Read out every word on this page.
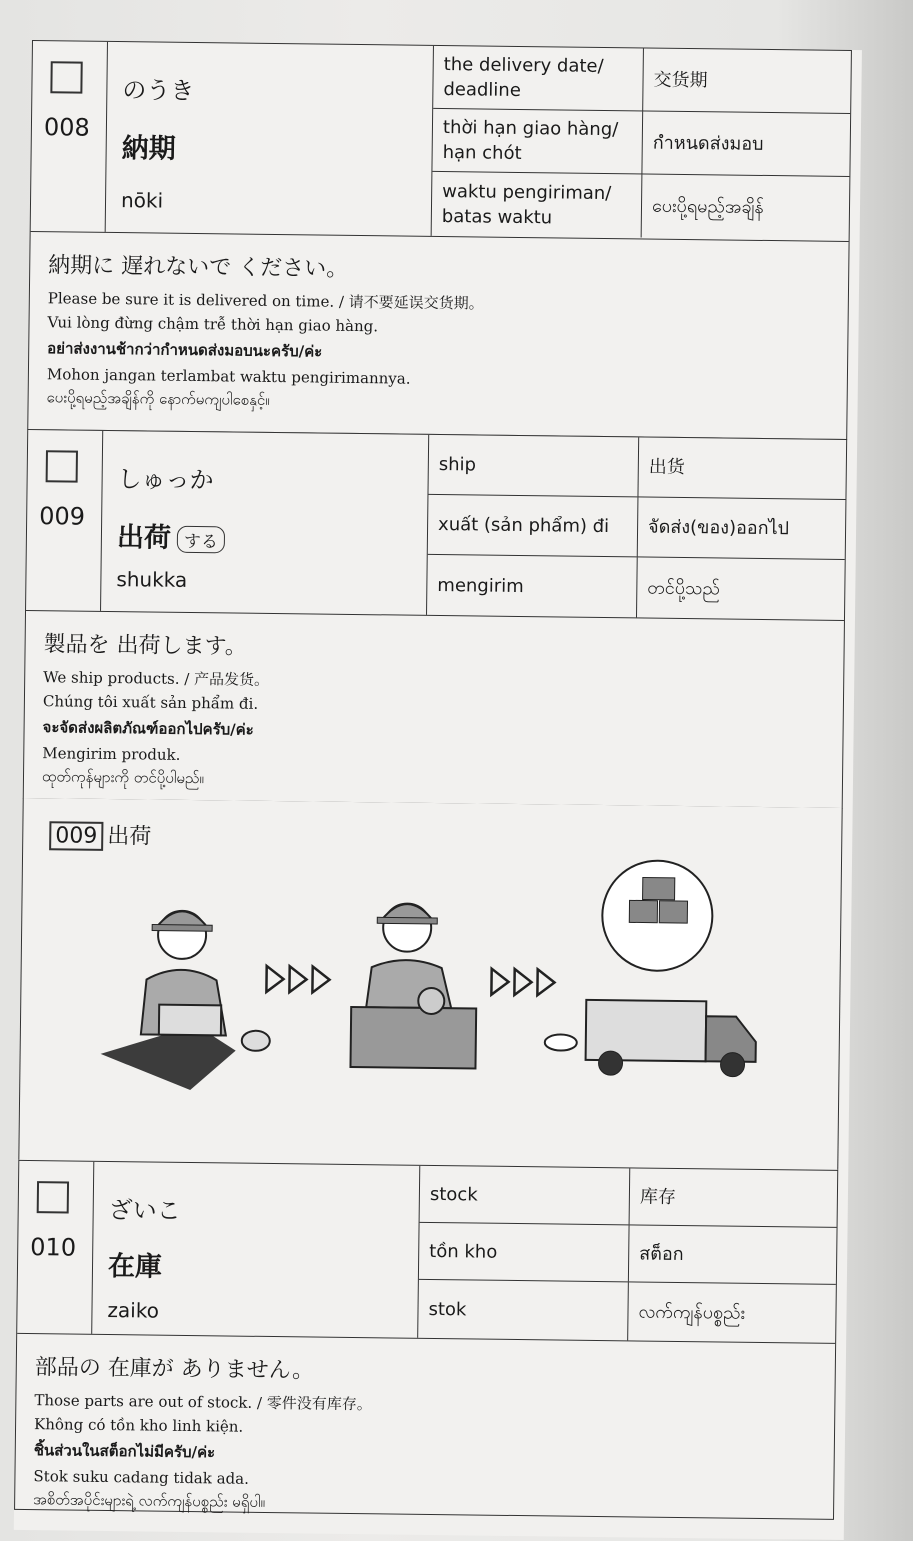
008
のうき
納期
nōki
the delivery date/ deadline	交货期
thời hạn giao hàng/ hạn chót	กำหนดส่งมอบ
waktu pengiriman/ batas waktu	ပေးပို့ရမည့်အချိန်
納期に 遅れないで ください。
Please be sure it is delivered on time. / 请不要延误交货期。
Vui lòng đừng chậm trễ thời hạn giao hàng.
อย่าส่งงานช้ากว่ากำหนดส่งมอบนะครับ/ค่ะ
Mohon jangan terlambat waktu pengirimannya.
ပေးပို့ရမည့်အချိန်ကို နောက်မကျပါစေနှင့်။
009
しゅっか
出荷 する
shukka
ship	出货
xuất (sản phẩm) đi	จัดส่ง(ของ)ออกไป
mengirim	တင်ပို့သည်
製品を 出荷します。
We ship products. / 产品发货。
Chúng tôi xuất sản phẩm đi.
จะจัดส่งผลิตภัณฑ์ออกไปครับ/ค่ะ
Mengirim produk.
ထုတ်ကုန်များကို တင်ပို့ပါမည်။
009 出荷
010
ざいこ
在庫
zaiko
stock	库存
tồn kho	สต็อก
stok	လက်ကျန်ပစ္စည်း
部品の 在庫が ありません。
Those parts are out of stock. / 零件没有库存。
Không có tồn kho linh kiện.
ชิ้นส่วนในสต็อกไม่มีครับ/ค่ะ
Stok suku cadang tidak ada.
အစိတ်အပိုင်းများရဲ့ လက်ကျန်ပစ္စည်း မရှိပါ။
